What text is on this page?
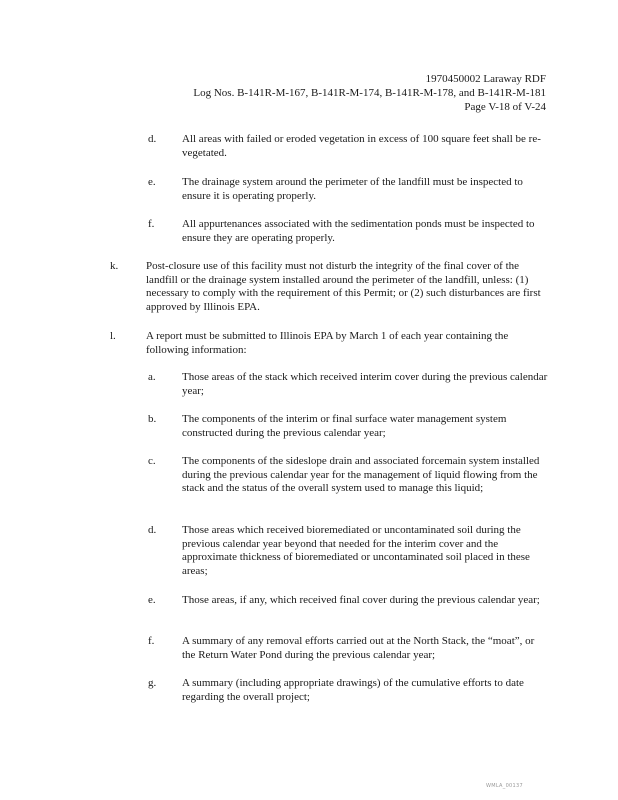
1970450002 Laraway RDF
Log Nos. B-141R-M-167, B-141R-M-174, B-141R-M-178, and B-141R-M-181
Page V-18 of V-24
d. All areas with failed or eroded vegetation in excess of 100 square feet shall be re-vegetated.
e. The drainage system around the perimeter of the landfill must be inspected to ensure it is operating properly.
f.	All appurtenances associated with the sedimentation ponds must be inspected to ensure they are operating properly.
k.	Post-closure use of this facility must not disturb the integrity of the final cover of the landfill or the drainage system installed around the perimeter of the landfill, unless: (1) necessary to comply with the requirement of this Permit; or (2) such disturbances are first approved by Illinois EPA.
l.	A report must be submitted to Illinois EPA by March 1 of each year containing the following information:
a. Those areas of the stack which received interim cover during the previous calendar year;
b. The components of the interim or final surface water management system constructed during the previous calendar year;
c. The components of the sideslope drain and associated forcemain system installed during the previous calendar year for the management of liquid flowing from the stack and the status of the overall system used to manage this liquid;
d. Those areas which received bioremediated or uncontaminated soil during the previous calendar year beyond that needed for the interim cover and the approximate thickness of bioremediated or uncontaminated soil placed in these areas;
e. Those areas, if any, which received final cover during the previous calendar year;
f.	A summary of any removal efforts carried out at the North Stack, the “moat”, or the Return Water Pond during the previous calendar year;
g. A summary (including appropriate drawings) of the cumulative efforts to date regarding the overall project;
WMLA_00137
